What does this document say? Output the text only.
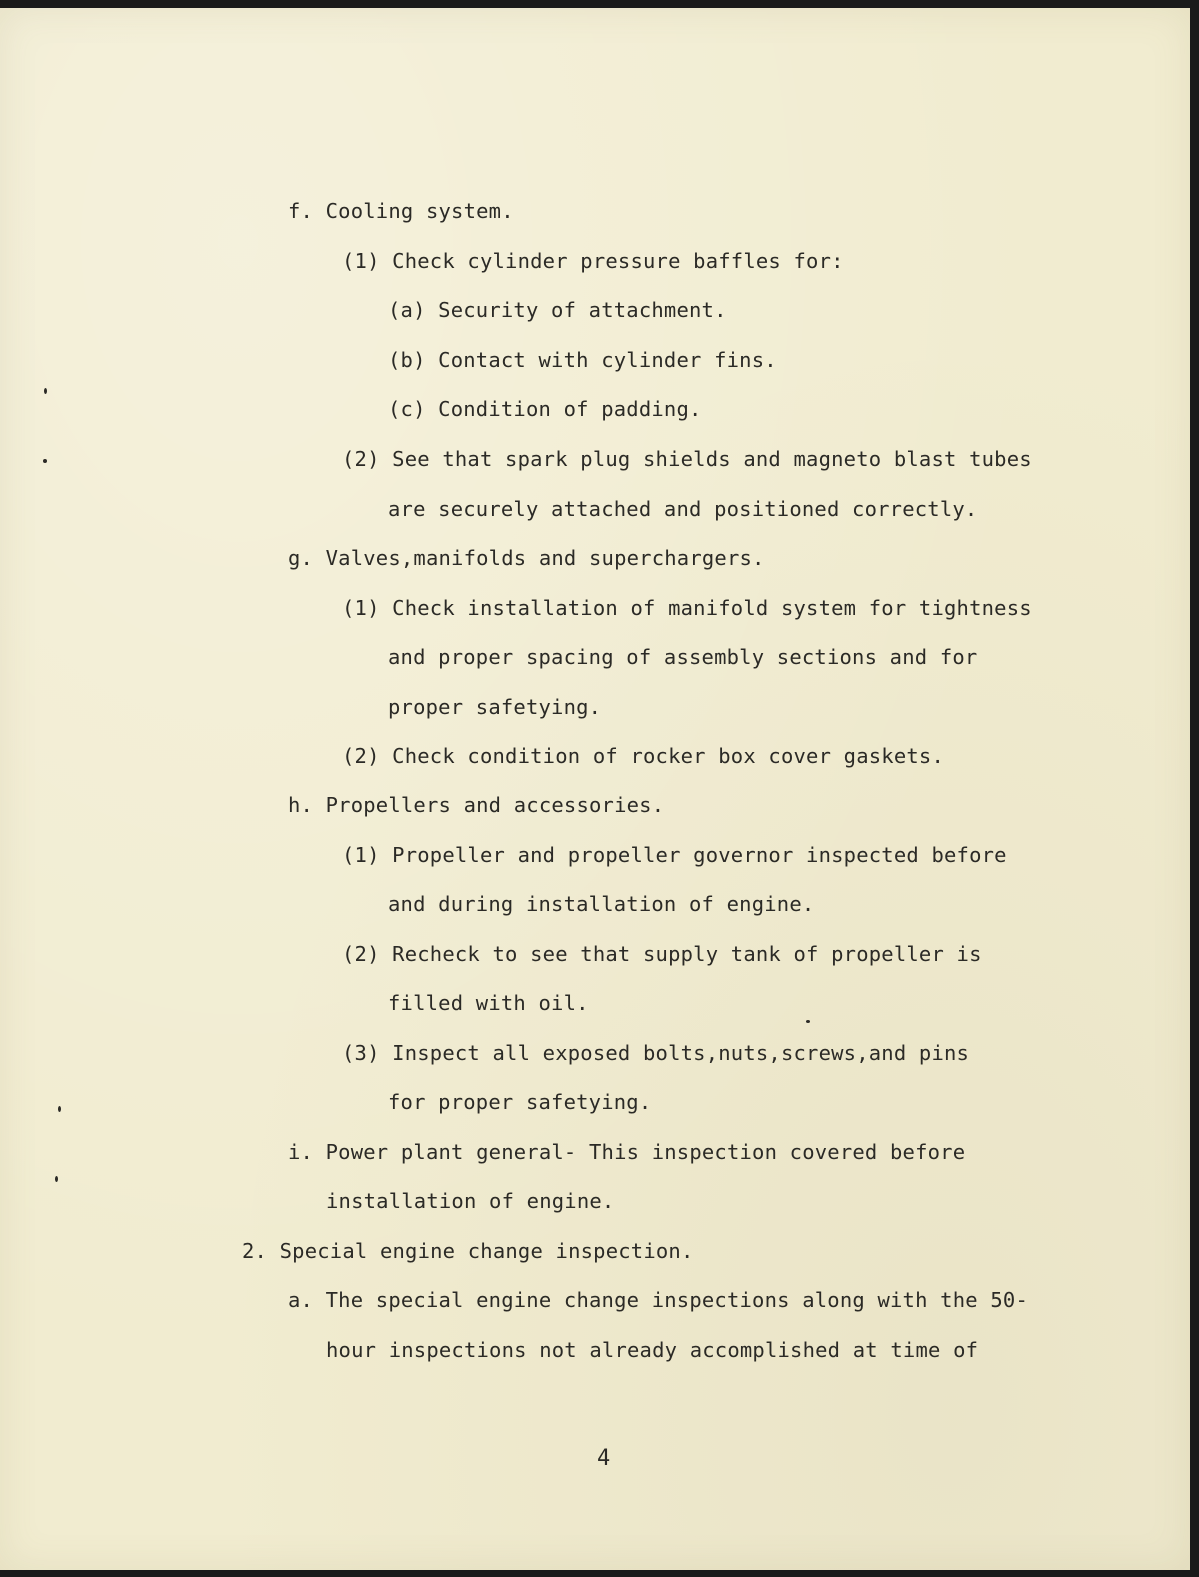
f. Cooling system.
(1) Check cylinder pressure baffles for:
(a) Security of attachment.
(b) Contact with cylinder fins.
(c) Condition of padding.
(2) See that spark plug shields and magneto blast tubes
are securely attached and positioned correctly.
g. Valves,manifolds and superchargers.
(1) Check installation of manifold system for tightness
and proper spacing of assembly sections and for
proper safetying.
(2) Check condition of rocker box cover gaskets.
h. Propellers and accessories.
(1) Propeller and propeller governor inspected before
and during installation of engine.
(2) Recheck to see that supply tank of propeller is
filled with oil.
(3) Inspect all exposed bolts,nuts,screws,and pins
for proper safetying.
i. Power plant general- This inspection covered before
installation of engine.
2. Special engine change inspection.
a. The special engine change inspections along with the 50-
hour inspections not already accomplished at time of
4
